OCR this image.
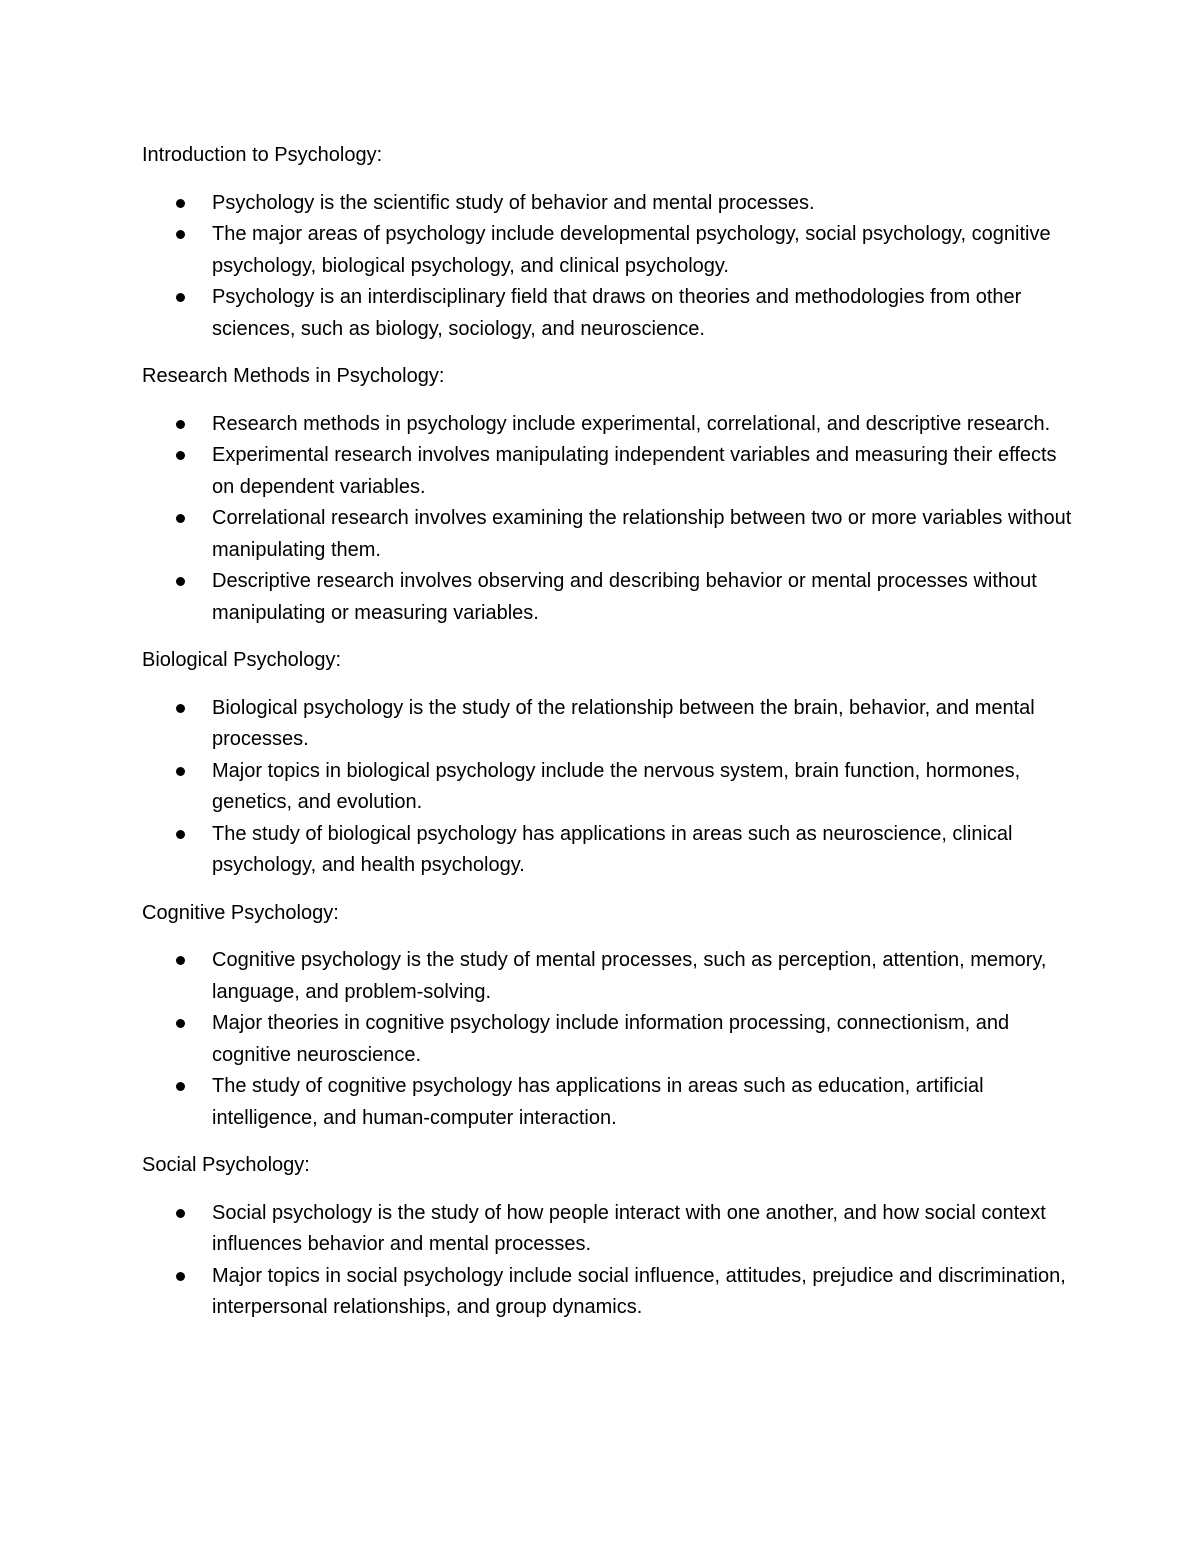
Introduction to Psychology:
Psychology is the scientific study of behavior and mental processes.
The major areas of psychology include developmental psychology, social psychology, cognitive psychology, biological psychology, and clinical psychology.
Psychology is an interdisciplinary field that draws on theories and methodologies from other sciences, such as biology, sociology, and neuroscience.
Research Methods in Psychology:
Research methods in psychology include experimental, correlational, and descriptive research.
Experimental research involves manipulating independent variables and measuring their effects on dependent variables.
Correlational research involves examining the relationship between two or more variables without manipulating them.
Descriptive research involves observing and describing behavior or mental processes without manipulating or measuring variables.
Biological Psychology:
Biological psychology is the study of the relationship between the brain, behavior, and mental processes.
Major topics in biological psychology include the nervous system, brain function, hormones, genetics, and evolution.
The study of biological psychology has applications in areas such as neuroscience, clinical psychology, and health psychology.
Cognitive Psychology:
Cognitive psychology is the study of mental processes, such as perception, attention, memory, language, and problem-solving.
Major theories in cognitive psychology include information processing, connectionism, and cognitive neuroscience.
The study of cognitive psychology has applications in areas such as education, artificial intelligence, and human-computer interaction.
Social Psychology:
Social psychology is the study of how people interact with one another, and how social context influences behavior and mental processes.
Major topics in social psychology include social influence, attitudes, prejudice and discrimination, interpersonal relationships, and group dynamics.
